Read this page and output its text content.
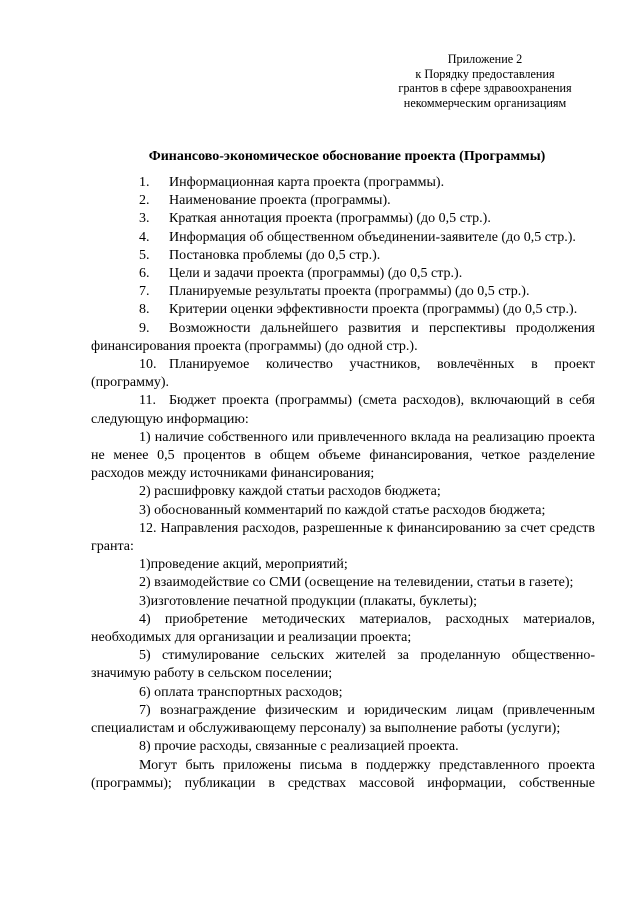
Приложение 2
к Порядку предоставления
грантов в сфере здравоохранения
некоммерческим организациям
Финансово-экономическое обоснование проекта (Программы)

1. Информационная карта проекта (программы).

2. Наименование проекта (программы).

3. Краткая аннотация проекта (программы) (до 0,5 стр.).

4. Информация об общественном объединении-заявителе (до 0,5 стр.).

5. Постановка проблемы (до 0,5 стр.).

6. Цели и задачи проекта (программы) (до 0,5 стр.).

7. Планируемые результаты проекта (программы) (до 0,5 стр.).

8. Критерии оценки эффективности проекта (программы) (до 0,5 стр.).

9. Возможности дальнейшего развития и перспективы продолжения финансирования проекта (программы) (до одной стр.).

10. Планируемое количество участников, вовлечённых в проект (программу).

11. Бюджет проекта (программы) (смета расходов), включающий в себя следующую информацию:

1) наличие собственного или привлеченного вклада на реализацию проекта не менее 0,5 процентов в общем объеме финансирования, четкое разделение расходов между источниками финансирования;

2) расшифровку каждой статьи расходов бюджета;

3) обоснованный комментарий по каждой статье расходов бюджета;

12. Направления расходов, разрешенные к финансированию за счет средств гранта:

1)проведение акций, мероприятий;

2) взаимодействие со СМИ (освещение на телевидении, статьи в газете);

3)изготовление печатной продукции (плакаты, буклеты);

4) приобретение методических материалов, расходных материалов, необходимых для организации и реализации проекта;

5) стимулирование сельских жителей за проделанную общественно-значимую работу в сельском поселении;

6) оплата транспортных расходов;

7) вознаграждение физическим и юридическим лицам (привлеченным специалистам и обслуживающему персоналу) за выполнение работы (услуги);

8) прочие расходы, связанные с реализацией проекта.

Могут быть приложены письма в поддержку представленного проекта (программы); публикации в средствах массовой информации, собственные
